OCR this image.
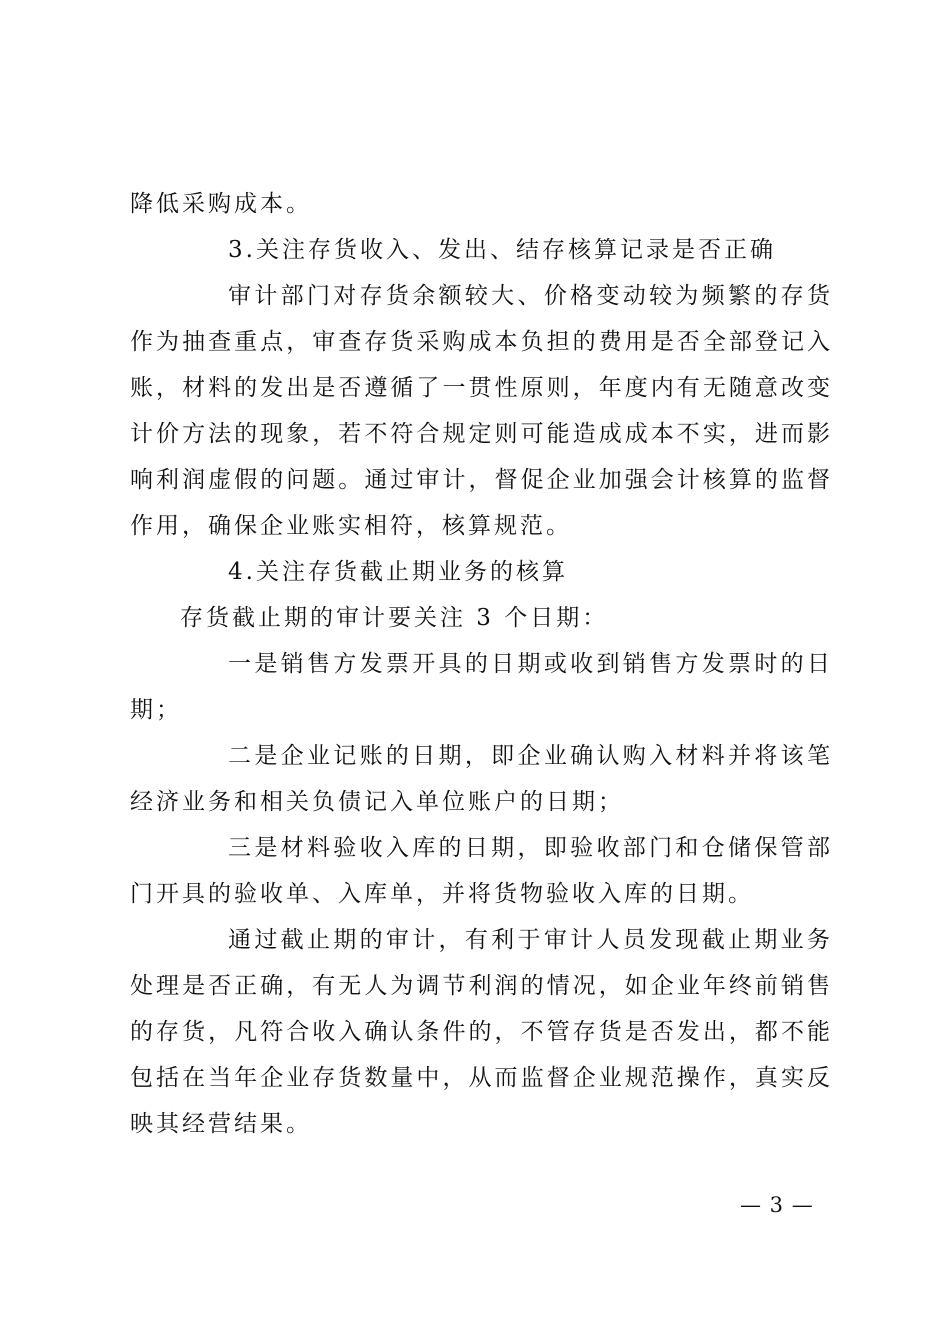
降低采购成本。
3.关注存货收入、发出、结存核算记录是否正确
审计部门对存货余额较大、价格变动较为频繁的存货
作为抽查重点，审查存货采购成本负担的费用是否全部登记入
账，材料的发出是否遵循了一贯性原则，年度内有无随意改变
计价方法的现象，若不符合规定则可能造成成本不实，进而影
响利润虚假的问题。通过审计，督促企业加强会计核算的监督
作用，确保企业账实相符，核算规范。
4.关注存货截止期业务的核算
存货截止期的审计要关注 3 个日期：
一是销售方发票开具的日期或收到销售方发票时的日
期；
二是企业记账的日期，即企业确认购入材料并将该笔
经济业务和相关负债记入单位账户的日期；
三是材料验收入库的日期，即验收部门和仓储保管部
门开具的验收单、入库单，并将货物验收入库的日期。
通过截止期的审计，有利于审计人员发现截止期业务
处理是否正确，有无人为调节利润的情况，如企业年终前销售
的存货，凡符合收入确认条件的，不管存货是否发出，都不能
包括在当年企业存货数量中，从而监督企业规范操作，真实反
映其经营结果。
— 3 —
